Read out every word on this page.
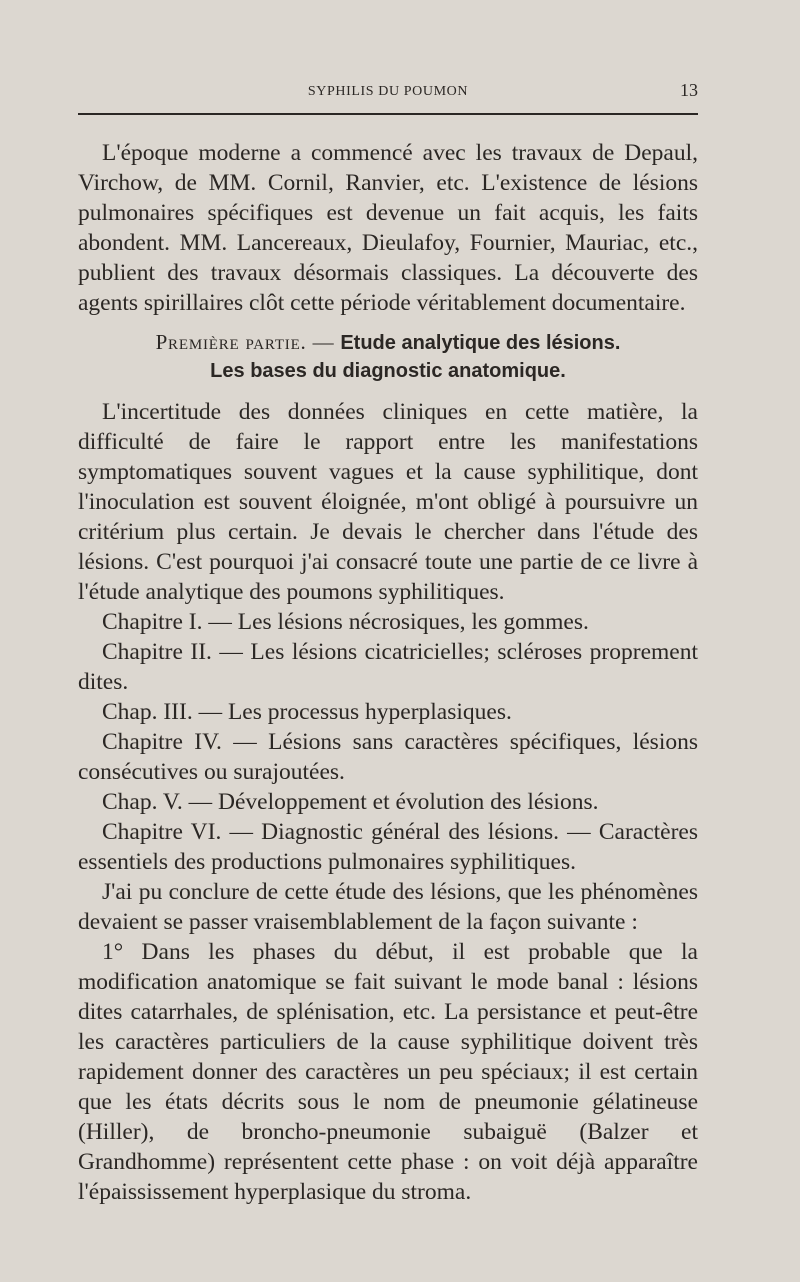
SYPHILIS DU POUMON	13

L'époque moderne a commencé avec les travaux de Depaul, Virchow, de MM. Cornil, Ranvier, etc. L'existence de lésions pulmonaires spécifiques est devenue un fait acquis, les faits abondent. MM. Lancereaux, Dieulafoy, Fournier, Mauriac, etc., publient des travaux désormais classiques. La découverte des agents spirillaires clôt cette période véritablement documentaire.

Première partie. — Etude analytique des lésions.
Les bases du diagnostic anatomique.

L'incertitude des données cliniques en cette matière, la difficulté de faire le rapport entre les manifestations symptomatiques souvent vagues et la cause syphilitique, dont l'inoculation est souvent éloignée, m'ont obligé à poursuivre un critérium plus certain. Je devais le chercher dans l'étude des lésions. C'est pourquoi j'ai consacré toute une partie de ce livre à l'étude analytique des poumons syphilitiques.

Chapitre I. — Les lésions nécrosiques, les gommes.

Chapitre II. — Les lésions cicatricielles; scléroses proprement dites.

Chap. III. — Les processus hyperplasiques.

Chapitre IV. — Lésions sans caractères spécifiques, lésions consécutives ou surajoutées.

Chap. V. — Développement et évolution des lésions.

Chapitre VI. — Diagnostic général des lésions. — Caractères essentiels des productions pulmonaires syphilitiques.

J'ai pu conclure de cette étude des lésions, que les phénomènes devaient se passer vraisemblablement de la façon suivante :

1° Dans les phases du début, il est probable que la modification anatomique se fait suivant le mode banal : lésions dites catarrhales, de splénisation, etc. La persistance et peut-être les caractères particuliers de la cause syphilitique doivent très rapidement donner des caractères un peu spéciaux; il est certain que les états décrits sous le nom de pneumonie gélatineuse (Hiller), de broncho-pneumonie subaiguë (Balzer et Grandhomme) représentent cette phase : on voit déjà apparaître l'épaississement hyperplasique du stroma.
